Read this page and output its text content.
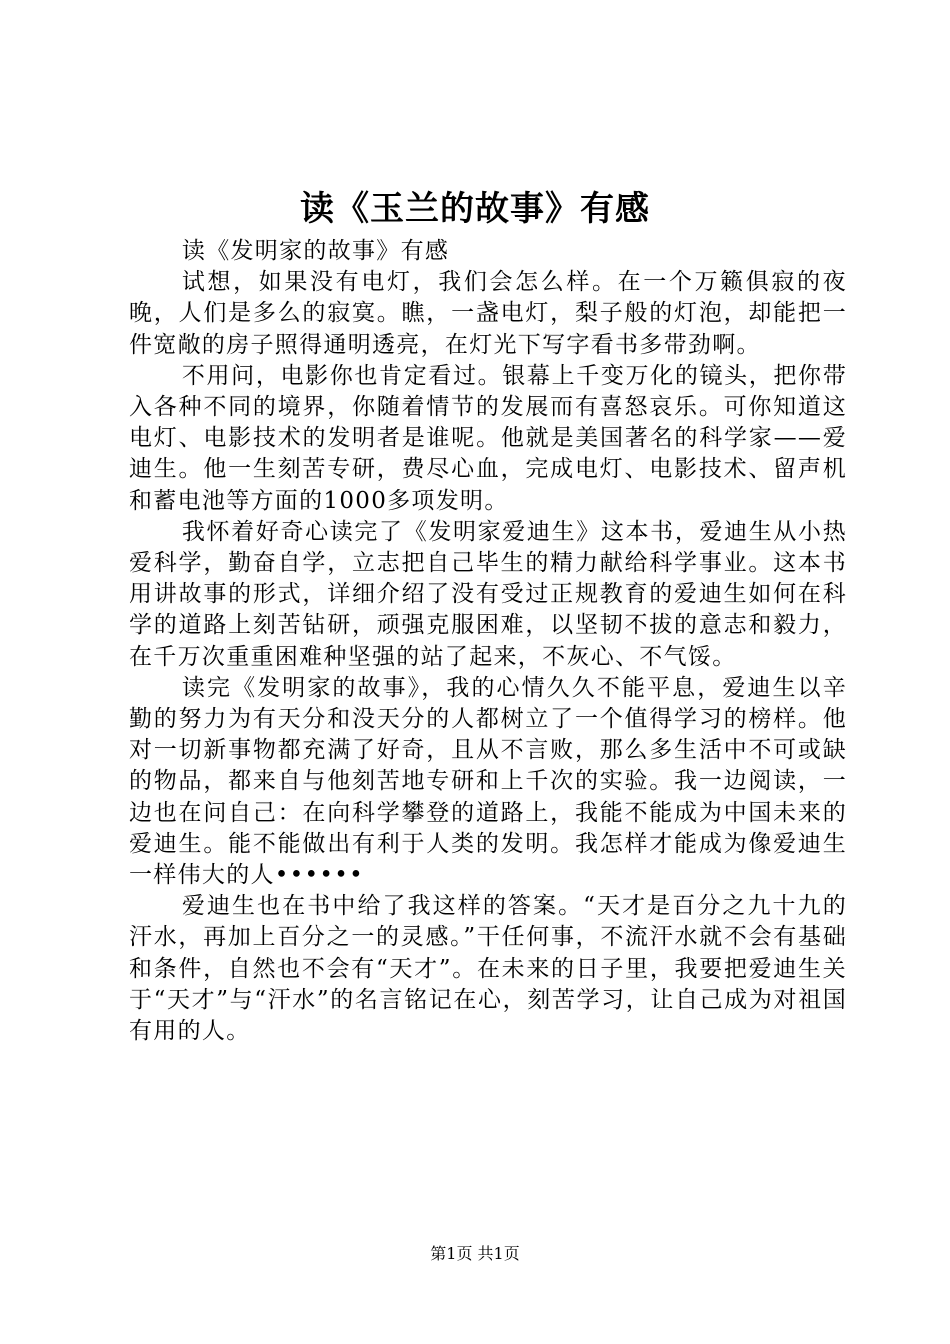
读《玉兰的故事》有感

读《发明家的故事》有感

试想，如果没有电灯，我们会怎么样。在一个万籁俱寂的夜晚，人们是多么的寂寞。瞧，一盏电灯，梨子般的灯泡，却能把一件宽敞的房子照得通明透亮，在灯光下写字看书多带劲啊。

不用问，电影你也肯定看过。银幕上千变万化的镜头，把你带入各种不同的境界，你随着情节的发展而有喜怒哀乐。可你知道这电灯、电影技术的发明者是谁呢。他就是美国著名的科学家——爱迪生。他一生刻苦专研，费尽心血，完成电灯、电影技术、留声机和蓄电池等方面的1000多项发明。

我怀着好奇心读完了《发明家爱迪生》这本书，爱迪生从小热爱科学，勤奋自学，立志把自己毕生的精力献给科学事业。这本书用讲故事的形式，详细介绍了没有受过正规教育的爱迪生如何在科学的道路上刻苦钻研，顽强克服困难，以坚韧不拔的意志和毅力，在千万次重重困难种坚强的站了起来，不灰心、不气馁。

读完《发明家的故事》，我的心情久久不能平息，爱迪生以辛勤的努力为有天分和没天分的人都树立了一个值得学习的榜样。他对一切新事物都充满了好奇，且从不言败，那么多生活中不可或缺的物品，都来自与他刻苦地专研和上千次的实验。我一边阅读，一边也在问自己：在向科学攀登的道路上，我能不能成为中国未来的爱迪生。能不能做出有利于人类的发明。我怎样才能成为像爱迪生一样伟大的人••••••

爱迪生也在书中给了我这样的答案。“天才是百分之九十九的汗水，再加上百分之一的灵感。”干任何事，不流汗水就不会有基础和条件，自然也不会有“天才”。在未来的日子里，我要把爱迪生关于“天才”与“汗水”的名言铭记在心，刻苦学习，让自己成为对祖国有用的人。

第1页 共1页
